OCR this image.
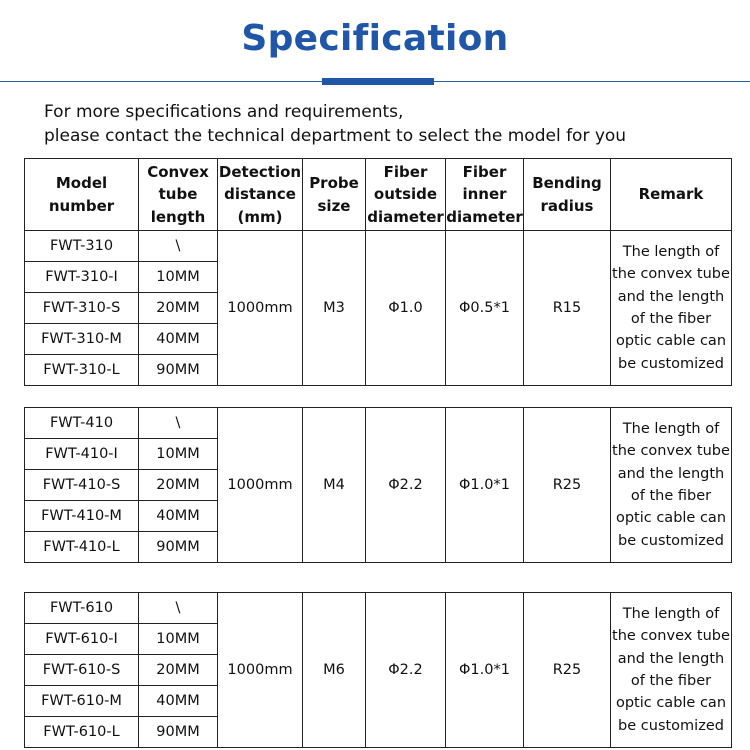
Specification
For more specifications and requirements,
please contact the technical department to select the model for you
Model
number	Convex
tube
length	Detection
distance
(mm)	Probe
size	Fiber
outside
diameter	Fiber
inner
diameter	Bending
radius	Remark
FWT-310	\	1000mm	M3	Φ1.0	Φ0.5*1	R15	The length of the convex tube and the length of the fiber optic cable can be customized
FWT-310-I	10MM						
FWT-310-S	20MM						
FWT-310-M	40MM						
FWT-310-L	90MM						
FWT-410	\	1000mm	M4	Φ2.2	Φ1.0*1	R25	The length of the convex tube and the length of the fiber optic cable can be customized
FWT-410-I	10MM						
FWT-410-S	20MM						
FWT-410-M	40MM						
FWT-410-L	90MM						
FWT-610	\	1000mm	M6	Φ2.2	Φ1.0*1	R25	The length of the convex tube and the length of the fiber optic cable can be customized
FWT-610-I	10MM						
FWT-610-S	20MM						
FWT-610-M	40MM						
FWT-610-L	90MM						
